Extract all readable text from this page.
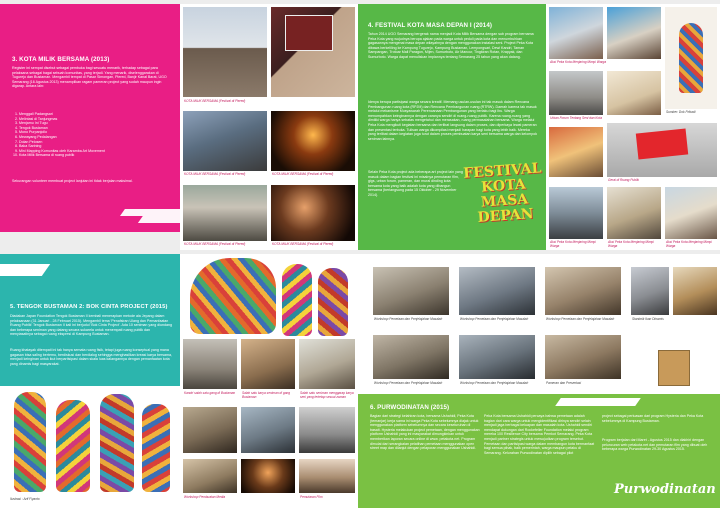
3. KOTA MILIK BERSAMA (2013)
Register ini sempat disebut sebagai pembuka bagi sesuatu menarik, terhadap sebagai para pelaksana sebagai bagai sebuah komunitas, yang terjadi. Yang menarik, diselenggarakan di Tugurejo dan Bustaman. Mengambil tempat di Pasar Simongan, Plered, Banjir Kanal Barat, UGO Semarang (16 Agustus 2013) menampilkan ragam pameran project yang sudah maupun ingin digarap. Antara lain:
1. Menggali Padangsari
2. Melintasi di Tanjungmas
3. Menjamu Ini Tugu
4. Tengok Bustaman
5. Mono Purpanjollo
6. Mewayang Pedalangan
7. Dolan Pelosen
8. Baka Sarining
9. Mini Mapping Komunitas oleh Karamba Art Movement
10. Kota Milik Bersama di ruang publik
Sekurangan volunteer membuat project lanjutan ini tidak berjalan maksimal.
KOTA MILIK BERSAMA (Festival di Plered)
KOTA MILIK BERSAMA (Festival di Plered)	KOTA MILIK BERSAMA (Festival di Plered)
KOTA MILIK BERSAMA (Festival di Plered)	KOTA MILIK BERSAMA (Festival di Plered)
4. FESTIVAL KOTA MASA DEPAN I (2014)
Tahun 2014 UGO Semarang bergerak nama menjadi Kota Milik Bersama dengan sub program bernama Peka Kota yang wujudnya berupa ajakan pada warga untuk peduli pada kota dan menumbuhkan gagasannya mengenai masa depan wilayahnya dengan menggunakan instalasi seni. Project Peka Kota dibawa berkeliling ke Kampung Tugurejo, Kampung Bustaman, Lempongsari, Dewi Kandri, Taman Sampangan, Trotoar Mall Paragon, Mijen, Sumurboto, Air Mancur, Tingkiran Rotan, Krapyak, dan Sumurboto. Warga dapat menuliskan impiannya tentang Semarang 25 tahun yang akan datang.
Idenya berupa partisipasi warga secara kreatif. Memang usulan-usulan ini tak masuk dalam Rencana Pembangunan ruang kota (RPJM) dan Rencana Pembangunan ruang (RTRW). Daerah karena tak masuk melalui mekanisme Musyawarah Perencanaan Pembangunan yang berlaku bagi Ibu. Warga menumpahkan keinginannya dengan caranya sendiri di ruang-ruang publik. Karena ruang-ruang yang dimiliki warga hanya sebatas mengetahui dan merasakan, ruang permasalahan bersama. Warga melalui Peka Kota mengikuti kegiatan bersama dan terlibat langsung dalam proses, dan diperkaya lewat pameran dan presentasi terbuka. Tulisan warga dikompilasi menjadi harapan bagi kota yang lebih baik. Mereka yang terlibat dalam kegiatan juga turut dalam proses pembuatan karya seni bersama warga dan kelompok seniman lainnya.
Selain Peka Kota project ada beberapa art project lain yang masuk dalam bagian festival ini misalnya pemutaran film, gigs, urban forum, pameran, dan mural dinding kota bersama kota yang baik adalah kota yang dibangun bersama (berlangsung pada 15 Oktober - 29 November 2014).
FESTIVAL
KOTA
MASA
DEPAN
Aksi Peka Kota Menjaring Mimpi Warga
Sumber: Dok Pribadi
Urban Forum Tentang Seni dan Kota
Gerai di Ruang Publik
Aksi Peka Kota Menjaring Mimpi Warga
Aksi Peka Kota Menjaring Mimpi Warga
Aksi Peka Kota Menjaring Mimpi Warga
5. TENGOK BUSTAMAN 2: BOK CINTA PROJECT (2015)
Diadakan Japan Foundation Tengok Bustaman II kembali menerapkan metode ala Jepang dalam pelaksanaan (31 Januari - 28 Februari 2015). Mengambil tema 'Penafsiran Ulang dan Pemanfaatan Ruang Publik' Tengok Bustaman II kali ini berjudul 'Bok Cinta Project'. Ada 10 seniman yang diundang dan beberapa seniman yang datang secara sukarela untuk menempati ruang publik dan menyiasatinya sebagai ruang ekspresi di Kampung Bustaman.
Ruang khatayak ditempati ini tak hanya semata ruang fisik, tetapi juga ruang konseptual yang mana gagasan bisa saling bertemu, berdiskusi dan berdialog sehingga menghasilkan kreasi karya bersama, menjadi keinginan untuk ikut berpartisipasi dalam skala luas kalangannya dengan pemanfaatan kota yang dinamis bagi masyarakat.
Ilustrasi : Arif Fiyanto
Kandri salah satu gang di Bustaman	Salah satu karya seniman di gang Bustaman
Salah satu seniman menggarap karya seni yang tertetap sesuai zaman
Workshop Pembuatan Media	Pemutaran Film
Workshop Pemetaan dan Penjelajahan Masalah	Workshop Pemetaan dan Penjelajahan Masalah	Workshop Pemetaan dan Penjelajahan Masalah	Stanbnik Ikan Dinamis
Workshop Pemetaan dan Penjelajahan Masalah	Workshop Pemetaan dan Penjelajahan Masalah	Pameran dan Presentasi
6. PURWODINATAN (2015)
Bagian dari strategi kelahiran kota, bersama Ushahidi, Peka Kota (temanjar) kerja sama ini warga Peka Kota sebelumnya diajak untuk menggunakan platform sebelumnya dan secara keseluruhan di basalt. Hysteria melakukan project pemetaan, dengan menggunakan platform Ushahidi yang ini masyarakat dimungkinkan untuk memberikan laporan secara online di www. petakota.net. Program dimulai dari serangkaian pelatihan pemetaan menggunakan open street map dan dilanjut dengan pelaporan menggunakan Ushahidi.
Peka Kota bersama Ushahidi percaya bahwa pemetaan adalah bagian dari cara warga untuk mengidentifikasi dirinya sendiri selain menjadi jaga berbagai keluapan dan masalah kota. Ushahidi sendiri mendapat dukungan dari Rockefeller Foundation melalui program mereka 100 Resilience City bersama Pemkot Semarang. Peka Kota menjadi partner strategis untuk mewujudkan program tersebut. Pemetaan dan partisipasi warga dalam membangun kota bermanfaat bagi semua pihak, baik pemerintah, warga maupun pelaku di Semarang. Kelurahan Purwodinatan dipilih sebagai pilot
project sebagai perluasan dari program Hysteria dan Peka Kota sebelumnya di Kampung Bustaman.
Program berjalan dari Maret - Agustus 2015 dan diakhiri dengan peluncuran web petakota.net dan pemutaran film yang dibuat oleh beberapa warga Purwodinatan 29-30 Agustus 2015.
Purwodinatan
